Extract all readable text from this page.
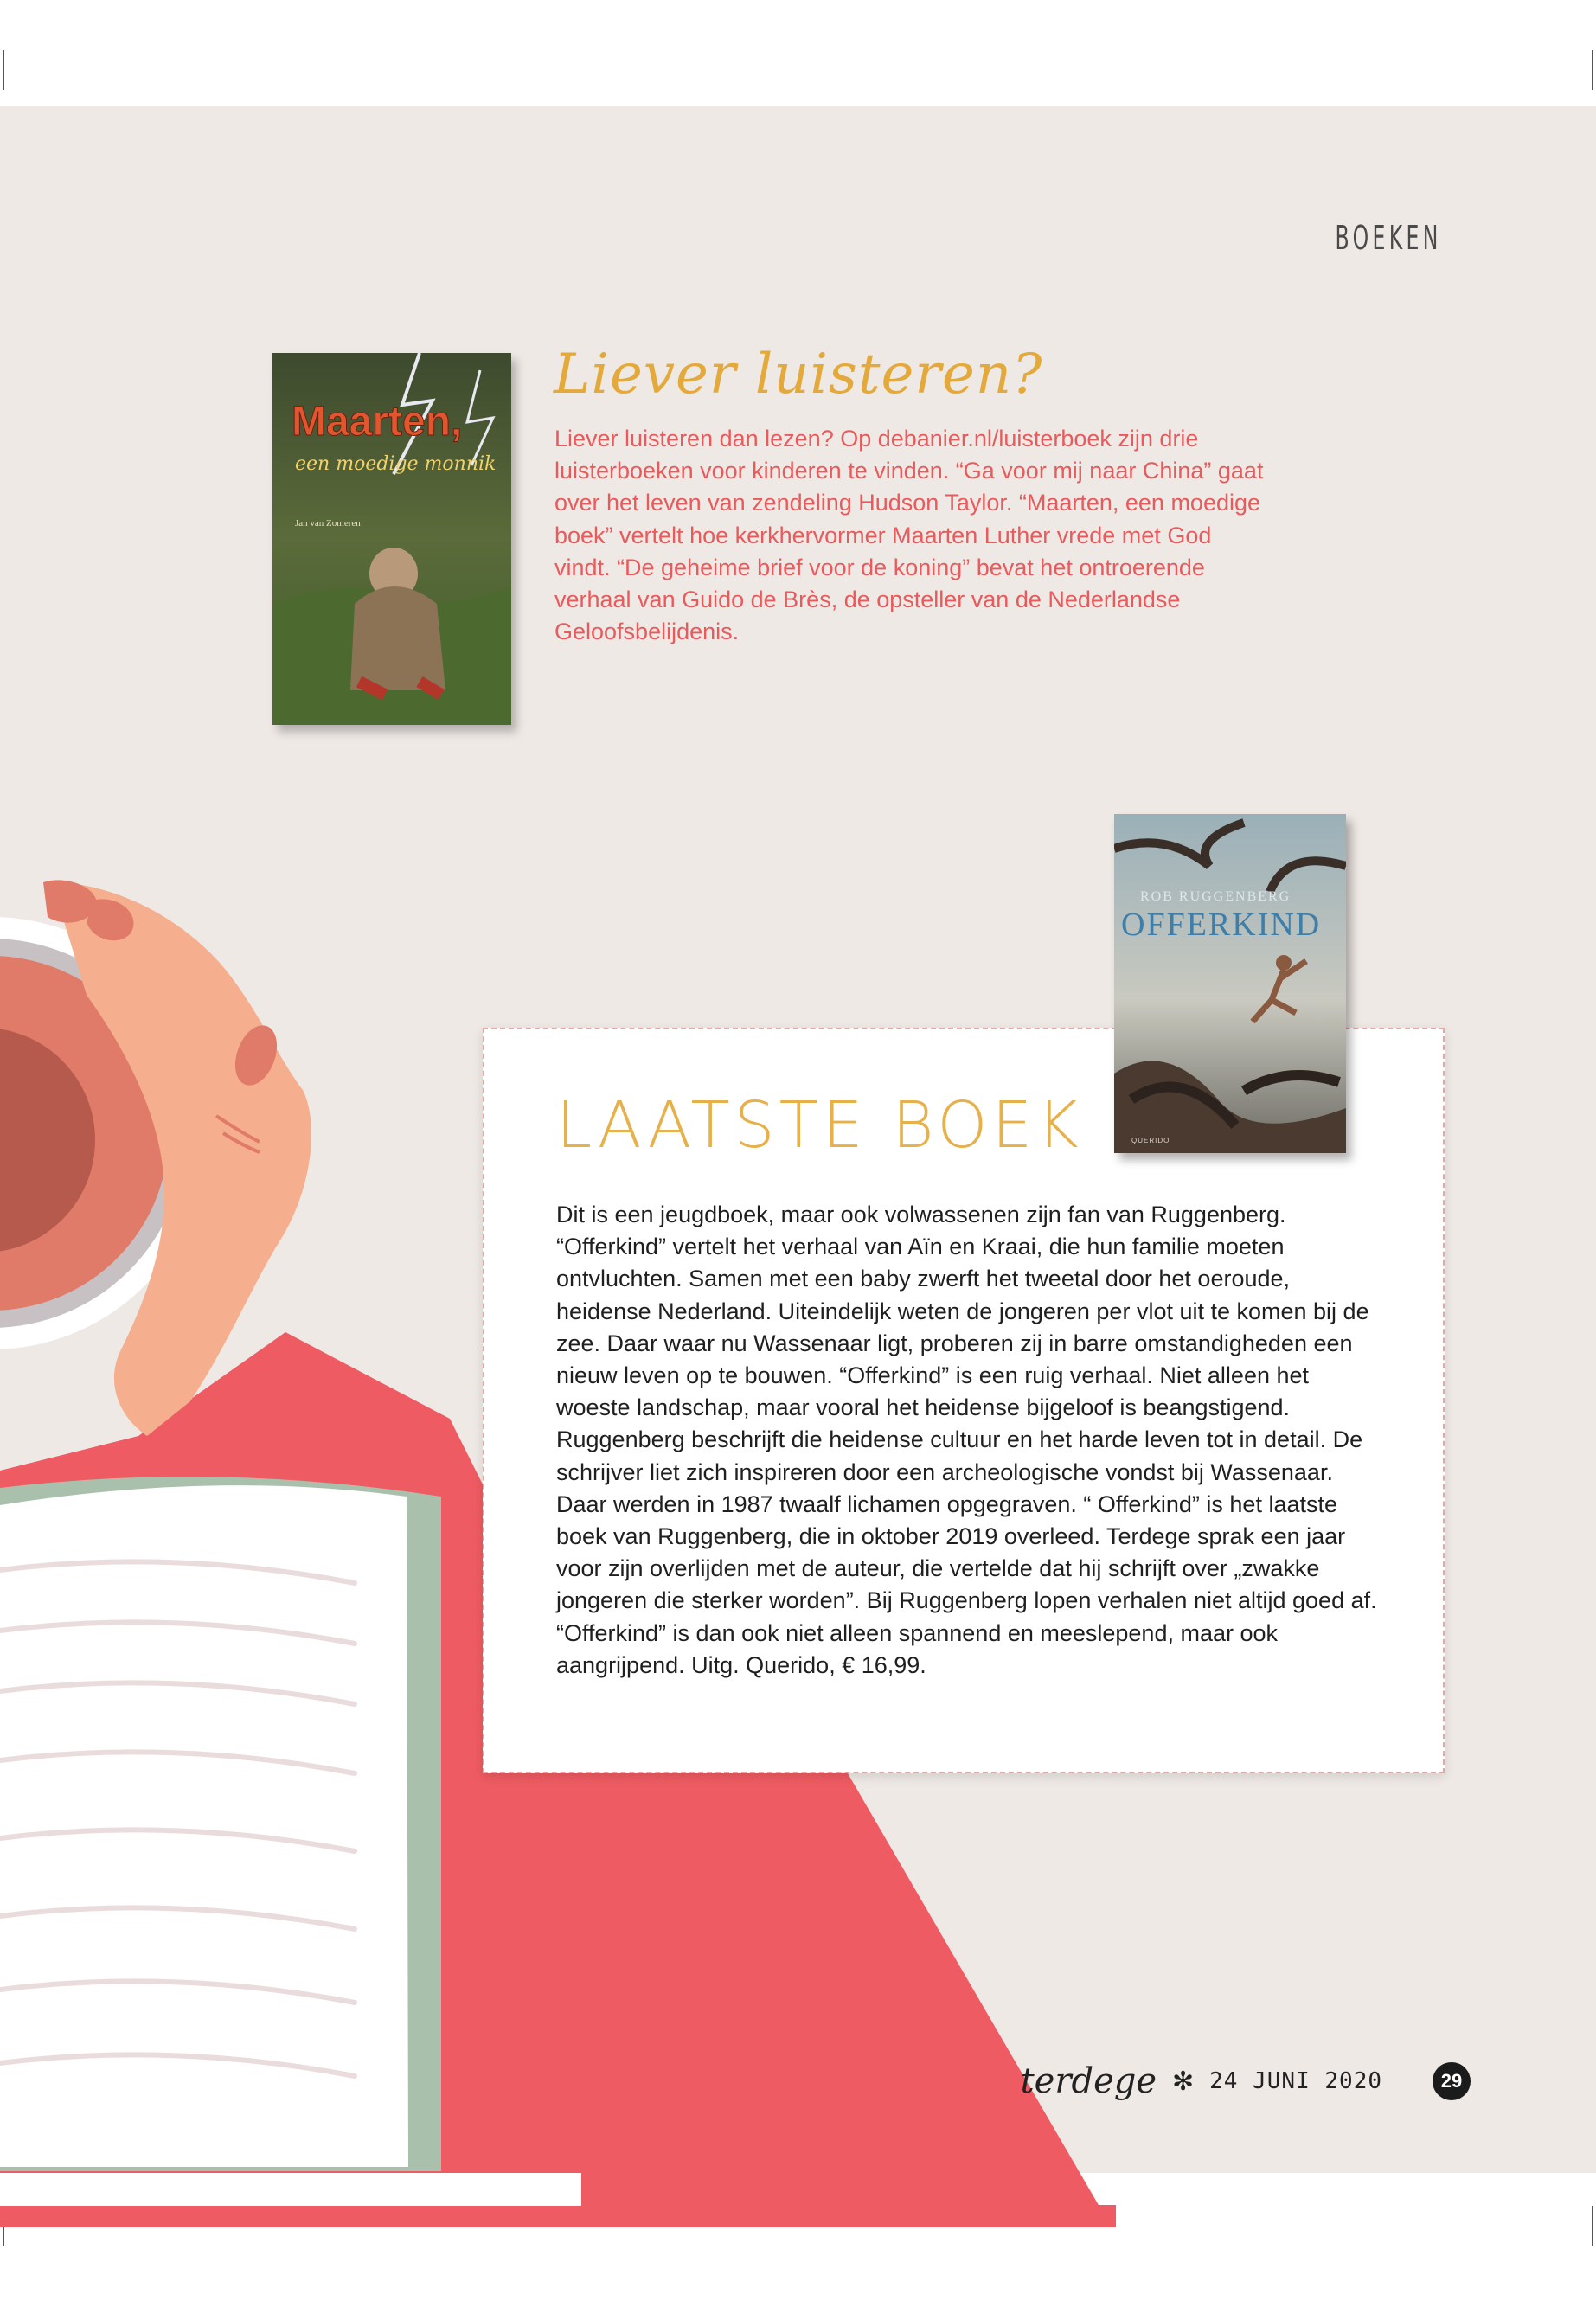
BOEKEN
Maarten,
een moedige monnik
Jan van Zomeren
Liever luisteren?
Liever luisteren dan lezen? Op debanier.nl/luisterboek zijn drie luisterboeken voor kinderen te vinden. “Ga voor mij naar China” gaat over het leven van zendeling Hudson Taylor. “Maarten, een moedige boek” vertelt hoe kerkhervormer Maarten Luther vrede met God vindt. “De geheime brief voor de koning” bevat het ontroerende verhaal van Guido de Brès, de opsteller van de Nederlandse Geloofsbelijdenis.
LAATSTE BOEK
Dit is een jeugdboek, maar ook volwassenen zijn fan van Ruggenberg. “Offerkind” vertelt het verhaal van Aïn en Kraai, die hun familie moeten ontvluchten. Samen met een baby zwerft het tweetal door het oeroude, heidense Nederland. Uiteindelijk weten de jongeren per vlot uit te komen bij de zee. Daar waar nu Wassenaar ligt, proberen zij in barre omstandigheden een nieuw leven op te bouwen. “Offerkind” is een ruig verhaal. Niet alleen het woeste landschap, maar vooral het heidense bijgeloof is beangstigend. Ruggenberg beschrijft die heidense cultuur en het harde leven tot in detail. De schrijver liet zich inspireren door een archeologische vondst bij Wassenaar. Daar werden in 1987 twaalf lichamen opgegraven. “ Offerkind” is het laatste boek van Ruggenberg, die in oktober 2019 overleed. Terdege sprak een jaar voor zijn overlijden met de auteur, die vertelde dat hij schrijft over „zwakke jongeren die sterker worden”. Bij Ruggenberg lopen verhalen niet altijd goed af. “Offerkind” is dan ook niet alleen spannend en meeslepend, maar ook aangrijpend. Uitg. Querido, € 16,99.
ROB RUGGENBERG
OFFERKIND
QUERIDO
terdege ✻ 24 JUNI 2020	29
